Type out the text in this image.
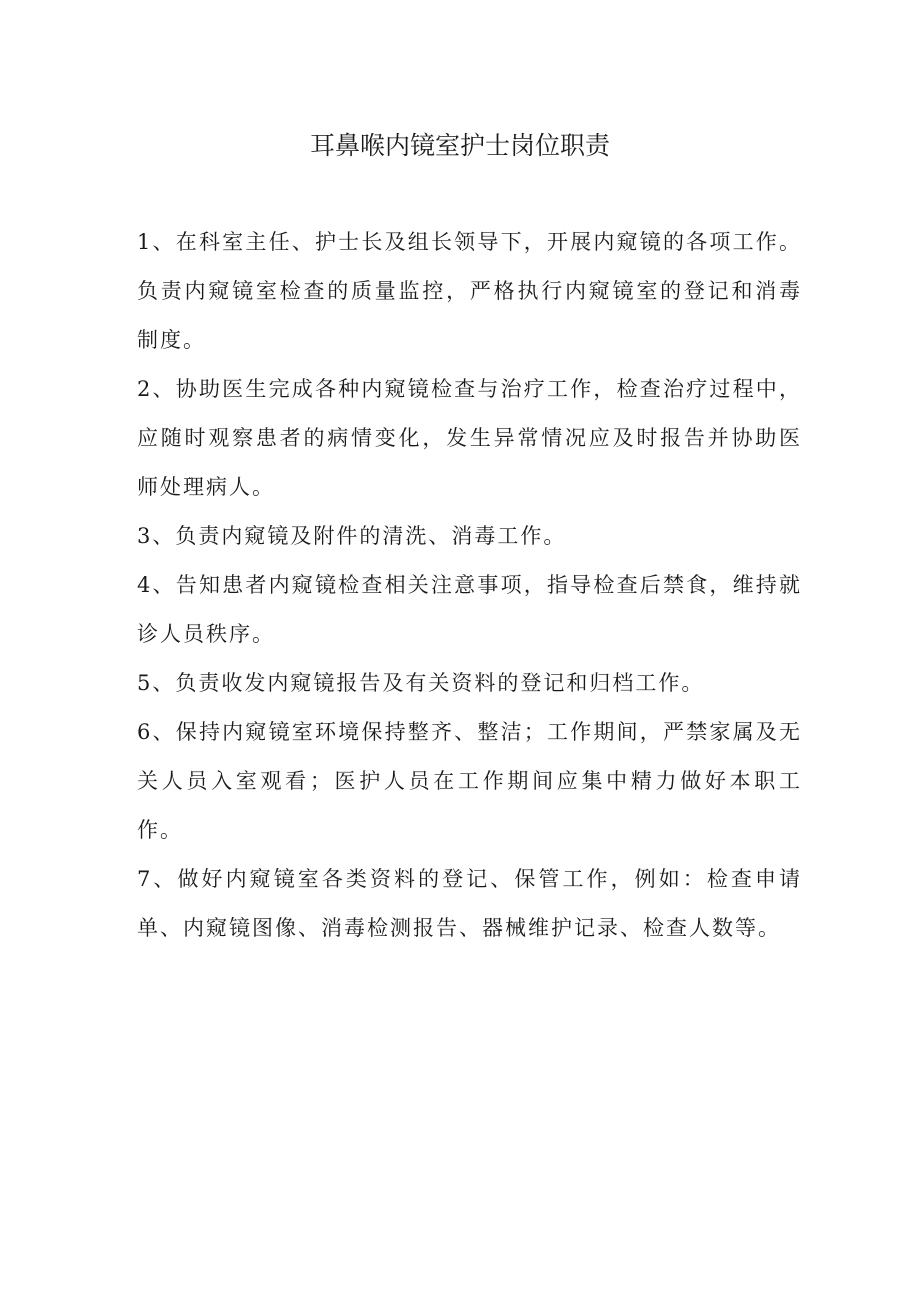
耳鼻喉内镜室护士岗位职责
1、在科室主任、护士长及组长领导下，开展内窥镜的各项工作。负责内窥镜室检查的质量监控，严格执行内窥镜室的登记和消毒制度。
2、协助医生完成各种内窥镜检查与治疗工作，检查治疗过程中，应随时观察患者的病情变化，发生异常情况应及时报告并协助医师处理病人。
3、负责内窥镜及附件的清洗、消毒工作。
4、告知患者内窥镜检查相关注意事项，指导检查后禁食，维持就诊人员秩序。
5、负责收发内窥镜报告及有关资料的登记和归档工作。
6、保持内窥镜室环境保持整齐、整洁；工作期间，严禁家属及无关人员入室观看；医护人员在工作期间应集中精力做好本职工作。
7、做好内窥镜室各类资料的登记、保管工作，例如：检查申请单、内窥镜图像、消毒检测报告、器械维护记录、检查人数等。
